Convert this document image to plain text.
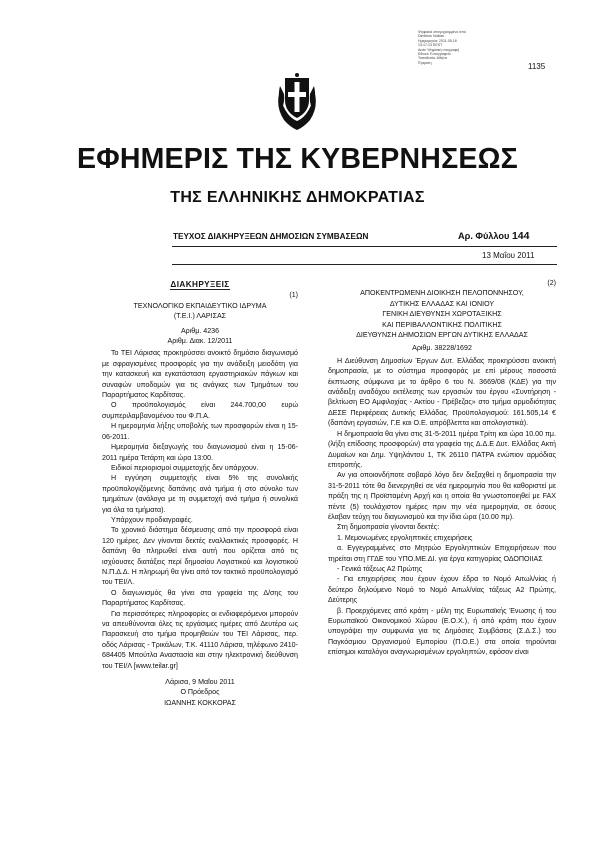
Ψηφιακά υπογεγραμμένο από
Dimitrios Noikas
Ημερομηνία: 2011.05.16
13:17:13 EEST
Αιτία: Ψηφιακή υπογραφή
Εθνικό Τυπογραφείο
Τοποθεσία: Αθήνα
Έγκριση	1135
ΕΦΗΜΕΡΙΣ ΤΗΣ ΚΥΒΕΡΝΗΣΕΩΣ
ΤΗΣ ΕΛΛΗΝΙΚΗΣ ΔΗΜΟΚΡΑΤΙΑΣ
ΤΕΥΧΟΣ ΔΙΑΚΗΡΥΞΕΩΝ ΔΗΜΟΣΙΩΝ ΣΥΜΒΑΣΕΩΝ	Αρ. Φύλλου 144
13 Μαΐου 2011

ΔΙΑΚΗΡΥΞΕΙΣ

(1)

ΤΕΧΝΟΛΟΓΙΚΟ ΕΚΠΑΙΔΕΥΤΙΚΟ ΙΔΡΥΜΑ

(Τ.Ε.Ι.) ΛΑΡΙΣΑΣ

Αριθμ. 4236

Αριθμ. Διακ. 12/2011

Το ΤΕΙ Λάρισας προκηρύσσει ανοικτό δημόσιο διαγωνισμό με σφραγισμένες προσφορές για την ανάδειξη μειοδότη για την κατασκευή και εγκατάσταση εργαστηριακών πάγκων και συναφών υποδομών για τις ανάγκες των Τμημάτων του Παραρτήματος Καρδίτσας.

Ο προϋπολογισμός είναι 244.700,00 ευρώ συμπεριλαμβανομένου του Φ.Π.Α.

Η ημερομηνία λήξης υποβολής των προσφορών είναι η 15-06-2011.

Ημερομηνία διεξαγωγής του διαγωνισμού είναι η 15-06-2011 ημέρα Τετάρτη και ώρα 13:00.

Ειδικοί περιορισμοί συμμετοχής δεν υπάρχουν.

Η εγγύηση συμμετοχής είναι 5% της συνολικής προϋπολογιζόμενης δαπάνης ανά τμήμα ή στο σύνολο των τμημάτων (ανάλογα με τη συμμετοχή ανά τμήμα ή συνολικά για όλα τα τμήματα).

Υπάρχουν προδιαγραφές.

Το χρονικό διάστημα δέσμευσης από την προσφορά είναι 120 ημέρες. Δεν γίνονται δεκτές εναλλακτικές προσφορές. Η δαπάνη θα πληρωθεί είναι αυτή που ορίζεται από τις ισχύουσες διατάξεις περί δημοσίου Λογιστικού και λογιστικού Ν.Π.Δ.Δ. Η πληρωμή θα γίνει από τον τακτικό προϋπολογισμό του ΤΕΙ/Λ.

Ο διαγωνισμός θα γίνει στα γραφεία της Δ/σης του Παραρτήματος Καρδίτσας.

Για περισσότερες πληροφορίες οι ενδιαφερόμενοι μπορούν να απευθύνονται όλες τις εργάσιμες ημέρες από Δευτέρα ως Παρασκευή στο τμήμα προμηθειών του ΤΕΙ Λάρισας, περ. οδός Λάρισας - Τρικάλων, Τ.Κ. 41110 Λάρισα, τηλέφωνο 2410-684405 Μπούτλα Αναστασία και στην ηλεκτρονική διεύθυνση του ΤΕΙ/Λ [www.teilar.gr]

Λάρισα, 9 Μαΐου 2011

Ο Πρόεδρος

ΙΩΑΝΝΗΣ ΚΟΚΚΟΡΑΣ

(2)

ΑΠΟΚΕΝΤΡΩΜΕΝΗ ΔΙΟΙΚΗΣΗ ΠΕΛΟΠΟΝΝΗΣΟΥ,

ΔΥΤΙΚΗΣ ΕΛΛΑΔΑΣ ΚΑΙ ΙΟΝΙΟΥ

ΓΕΝΙΚΗ ΔΙΕΥΘΥΝΣΗ ΧΩΡΟΤΑΞΙΚΗΣ

ΚΑΙ ΠΕΡΙΒΑΛΛΟΝΤΙΚΗΣ ΠΟΛΙΤΙΚΗΣ

ΔΙΕΥΘΥΝΣΗ ΔΗΜΟΣΙΩΝ ΕΡΓΩΝ ΔΥΤΙΚΗΣ ΕΛΛΑΔΑΣ

Αριθμ. 38228/1692

Η Διεύθυνση Δημοσίων Έργων Δυτ. Ελλάδας προκηρύσσει ανοικτή δημοπρασία, με το σύστημα προσφοράς με επί μέρους ποσοστά έκπτωσης σύμφωνα με το άρθρο 6 του Ν. 3669/08 (ΚΔΕ) για την ανάδειξη αναδόχου εκτέλεσης των εργασιών του έργου «Συντήρηση - βελτίωση ΕΟ Αμφιλοχίας - Ακτίου - Πρέβεζας» στο τμήμα αρμοδιότητας ΔΕΣΕ Περιφέρειας Δυτικής Ελλάδας. Προϋπολογισμού: 161.505,14 € (δαπάνη εργασιών, Γ.Ε και Ο.Ε. απρόβλεπτα και απολογιστικά).

Η δημοπρασία θα γίνει στις 31-5-2011 ημέρα Τρίτη και ώρα 10.00 πμ. (λήξη επίδοσης προσφορών) στα γραφεία της Δ.Δ.Ε Δυτ. Ελλάδας Ακτή Δυμαίων και Δημ. Υψηλάντου 1, ΤΚ 26110 ΠΑΤΡΑ ενώπιον αρμόδιας επιτροπής.

Αν για οποιονδήποτε σοβαρό λόγο δεν διεξαχθεί η δημοπρασία την 31-5-2011 τότε θα διενεργηθεί σε νέα ημερομηνία που θα καθοριστεί με πράξη της η Προϊσταμένη Αρχή και η οποία θα γνωστοποιηθεί με FAX πέντε (5) τουλάχιστον ημέρες πριν την νέα ημερομηνία, σε όσους έλαβαν τεύχη του διαγωνισμού και την ίδια ώρα (10.00 πμ).

Στη δημοπρασία γίνονται δεκτές:

1. Μεμονωμένες εργοληπτικές επιχειρήσεις

α. Εγγεγραμμένες στο Μητρώο Εργοληπτικών Επιχειρήσεων που τηρείται στη ΓΓΔΕ του ΥΠΟ.ΜΕ.ΔΙ. για έργα κατηγορίας ΟΔΟΠΟΙΙΑΣ

- Γενικά τάξεως Α2 Πρώτης

- Για επιχειρήσεις που έχουν έχουν έδρα το Νομό Αιτωλ/νίας ή δεύτερο δηλούμενο Νομό το Νομό Αιτωλ/νίας τάξεως Α2 Πρώτης, Δεύτερης

β. Προερχόμενες από κράτη - μέλη της Ευρωπαϊκής Ένωσης ή του Ευρωπαϊκού Οικονομικού Χώρου (Ε.Ο.Χ.), ή από κράτη που έχουν υπογράψει την συμφωνία για τις Δημόσιες Συμβάσεις (Σ.Δ.Σ.) του Παγκόσμιου Οργανισμού Εμπορίου (Π.Ο.Ε.) στα οποία τηρούνται επίσημοι καταλόγοι αναγνωρισμένων εργοληπτών, εφόσον είναι
